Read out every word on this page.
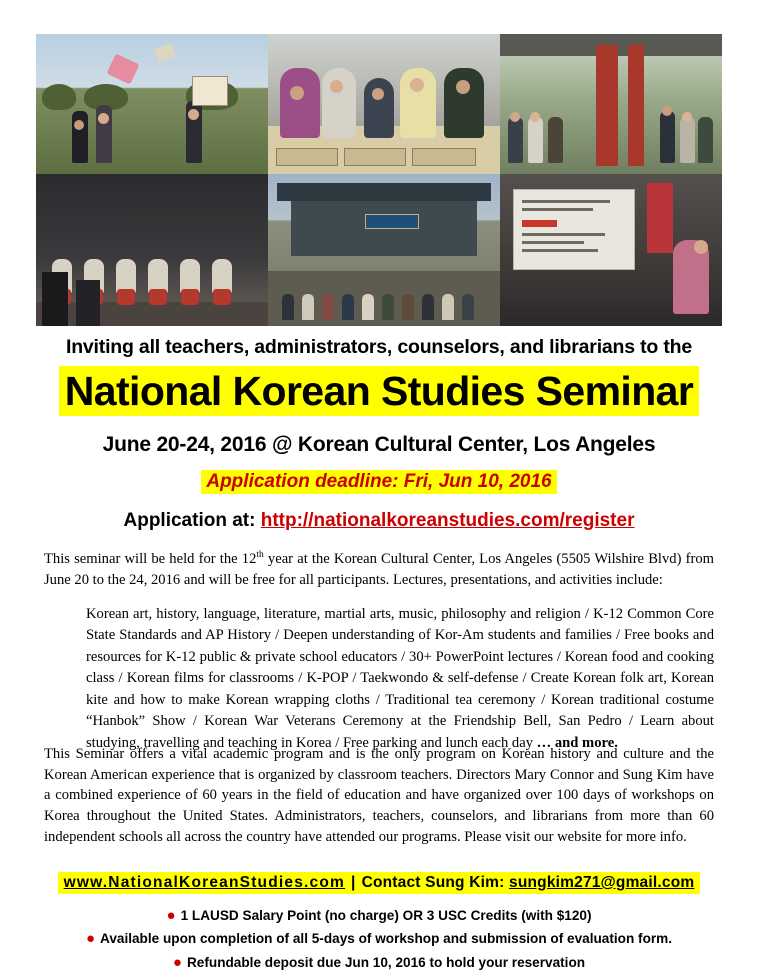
Inviting all teachers, administrators, counselors, and librarians to the
National Korean Studies Seminar
June 20-24, 2016 @ Korean Cultural Center, Los Angeles
Application deadline: Fri, Jun 10, 2016
Application at: http://nationalkoreanstudies.com/register
This seminar will be held for the 12th year at the Korean Cultural Center, Los Angeles (5505 Wilshire Blvd) from June 20 to the 24, 2016 and will be free for all participants. Lectures, presentations, and activities include:
Korean art, history, language, literature, martial arts, music, philosophy and religion / K-12 Common Core State Standards and AP History / Deepen understanding of Kor-Am students and families / Free books and resources for K-12 public & private school educators / 30+ PowerPoint lectures / Korean food and cooking class / Korean films for classrooms / K-POP / Taekwondo & self-defense / Create Korean folk art, Korean kite and how to make Korean wrapping cloths / Traditional tea ceremony / Korean traditional costume “Hanbok” Show / Korean War Veterans Ceremony at the Friendship Bell, San Pedro / Learn about studying, travelling and teaching in Korea / Free parking and lunch each day … and more.
This Seminar offers a vital academic program and is the only program on Korean history and culture and the Korean American experience that is organized by classroom teachers. Directors Mary Connor and Sung Kim have a combined experience of 60 years in the field of education and have organized over 100 days of workshops on Korea throughout the United States. Administrators, teachers, counselors, and librarians from more than 60 independent schools all across the country have attended our programs. Please visit our website for more info.
www.NationalKoreanStudies.com | Contact Sung Kim: sungkim271@gmail.com
● 1 LAUSD Salary Point (no charge) OR 3 USC Credits (with $120)
● Available upon completion of all 5-days of workshop and submission of evaluation form.
● Refundable deposit due Jun 10, 2016 to hold your reservation
